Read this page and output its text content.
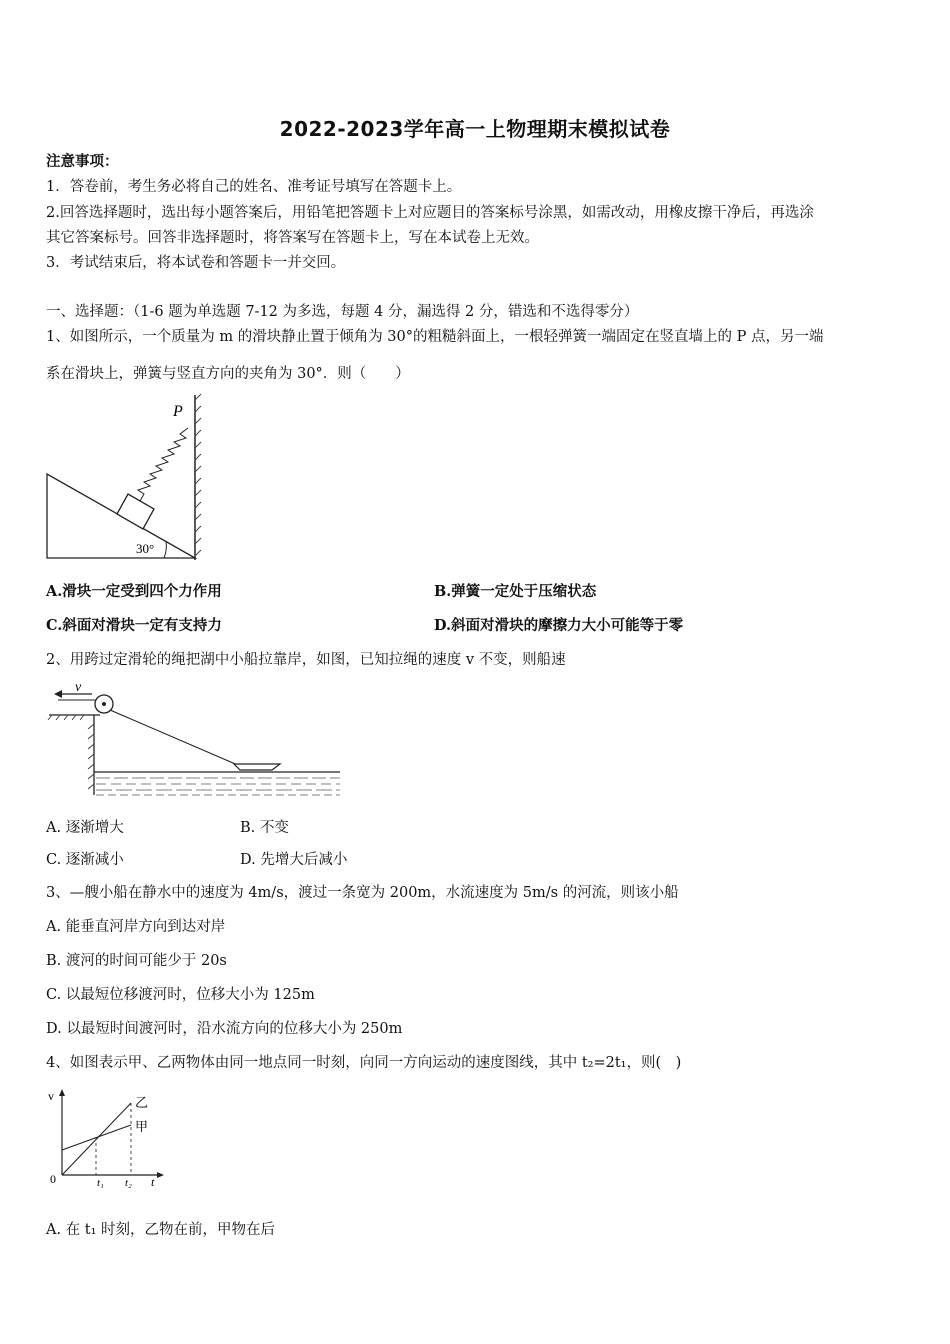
2022-2023学年高一上物理期末模拟试卷
注意事项：
1．答卷前，考生务必将自己的姓名、准考证号填写在答题卡上。
2.回答选择题时，选出每小题答案后，用铅笔把答题卡上对应题目的答案标号涂黑，如需改动，用橡皮擦干净后，再选涂
其它答案标号。回答非选择题时，将答案写在答题卡上，写在本试卷上无效。
3．考试结束后，将本试卷和答题卡一并交回。
一、选择题：（1-6 题为单选题 7-12 为多选，每题 4 分，漏选得 2 分，错选和不选得零分）
1、如图所示，一个质量为 m 的滑块静止置于倾角为 30°的粗糙斜面上，一根轻弹簧一端固定在竖直墙上的 P 点，另一端
系在滑块上，弹簧与竖直方向的夹角为 30°．则（　　）
P
30°
A.滑块一定受到四个力作用	B.弹簧一定处于压缩状态
C.斜面对滑块一定有支持力	D.斜面对滑块的摩擦力大小可能等于零
2、用跨过定滑轮的绳把湖中小船拉靠岸，如图，已知拉绳的速度 v 不变，则船速
v
A. 逐渐增大	B. 不变
C. 逐渐减小	D. 先增大后减小
3、—艘小船在静水中的速度为 4m/s，渡过一条宽为 200m，水流速度为 5m/s 的河流，则该小船
A. 能垂直河岸方向到达对岸
B. 渡河的时间可能少于 20s
C. 以最短位移渡河时，位移大小为 125m
D. 以最短时间渡河时，沿水流方向的位移大小为 250m
4、如图表示甲、乙两物体由同一地点同一时刻，向同一方向运动的速度图线，其中 t₂=2t₁，则(　)
v
t
0	t₁ t₂
乙
甲
A. 在 t₁ 时刻，乙物在前，甲物在后
